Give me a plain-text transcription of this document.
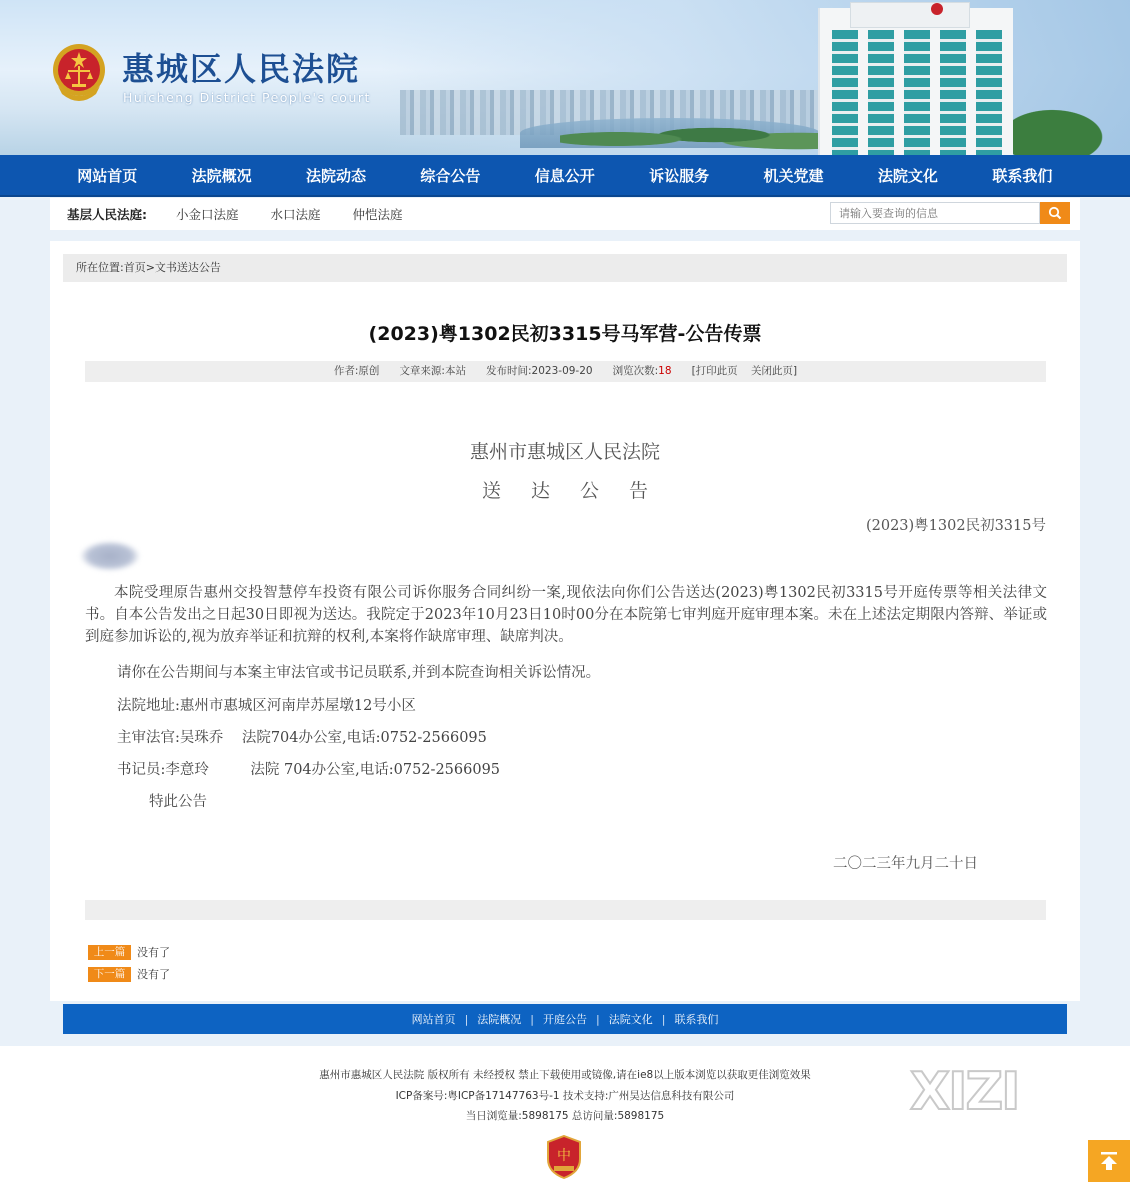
惠城区人民法院
Huicheng District People's court
网站首页	法院概况	法院动态	综合公告	信息公开	诉讼服务	机关党建	法院文化	联系我们
基层人民法庭: 小金口法庭	水口法庭	仲恺法庭
请输入要查询的信息
所在位置:首页>文书送达公告
(2023)粤1302民初3315号马军营-公告传票
作者:原创 文章来源:本站 发布时间:2023-09-20 浏览次数:18 [打印此页 关闭此页]
惠州市惠城区人民法院
送达公告
(2023)粤1302民初3315号
本院受理原告惠州交投智慧停车投资有限公司诉你服务合同纠纷一案,现依法向你们公告送达(2023)粤1302民初3315号开庭传票等相关法律文书。自本公告发出之日起30日即视为送达。我院定于2023年10月23日10时00分在本院第七审判庭开庭审理本案。未在上述法定期限内答辩、举证或到庭参加诉讼的,视为放弃举证和抗辩的权利,本案将作缺席审理、缺席判决。
请你在公告期间与本案主审法官或书记员联系,并到本院查询相关诉讼情况。
法院地址:惠州市惠城区河南岸苏屋墩12号小区
主审法官:吴珠乔    法院704办公室,电话:0752-2566095
书记员:李意玲         法院 704办公室,电话:0752-2566095
特此公告
二〇二三年九月二十日
上一篇	没有了
下一篇	没有了
网站首页 | 法院概况 | 开庭公告 | 法院文化 | 联系我们
惠州市惠城区人民法院 版权所有 未经授权 禁止下载使用或镜像,请在ie8以上版本浏览以获取更佳浏览效果
ICP备案号:粤ICP备17147763号-1 技术支持:广州昊达信息科技有限公司
当日浏览量:5898175 总访问量:5898175	XIZI
中
